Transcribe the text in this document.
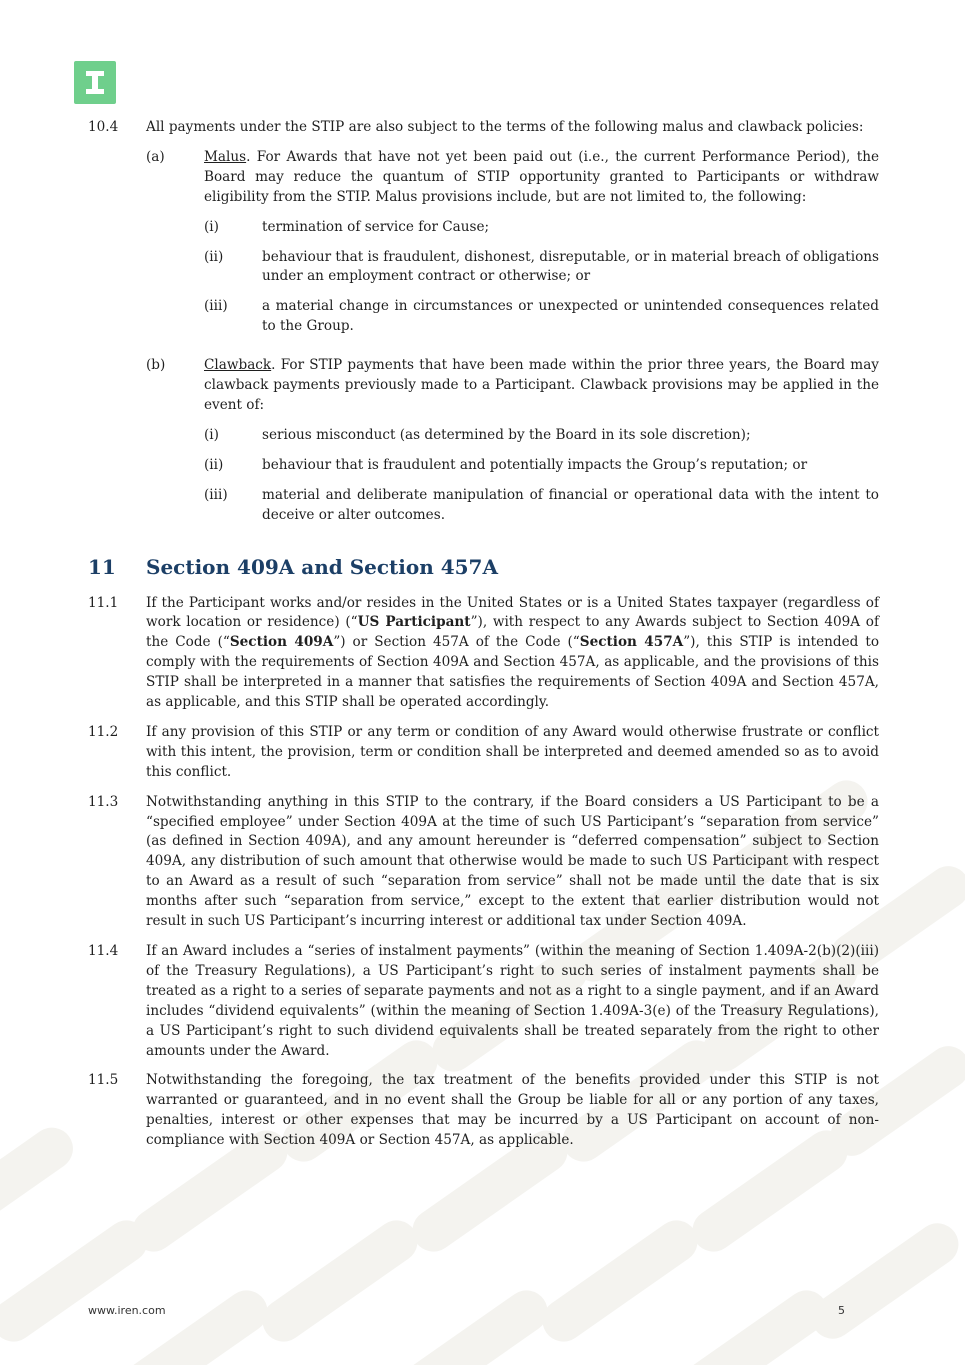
10.4	All payments under the STIP are also subject to the terms of the following malus and clawback policies:
(a)	Malus. For Awards that have not yet been paid out (i.e., the current Performance Period), the Board may reduce the quantum of STIP opportunity granted to Participants or withdraw eligibility from the STIP. Malus provisions include, but are not limited to, the following:
(i)	termination of service for Cause;
(ii)	behaviour that is fraudulent, dishonest, disreputable, or in material breach of obligations under an employment contract or otherwise; or
(iii)	a material change in circumstances or unexpected or unintended consequences related to the Group.
(b)	Clawback. For STIP payments that have been made within the prior three years, the Board may clawback payments previously made to a Participant. Clawback provisions may be applied in the event of:
(i)	serious misconduct (as determined by the Board in its sole discretion);
(ii)	behaviour that is fraudulent and potentially impacts the Group’s reputation; or
(iii)	material and deliberate manipulation of financial or operational data with the intent to deceive or alter outcomes.
11	Section 409A and Section 457A
11.1	If the Participant works and/or resides in the United States or is a United States taxpayer (regardless of work location or residence) (“US Participant”), with respect to any Awards subject to Section 409A of the Code (“Section 409A”) or Section 457A of the Code (“Section 457A”), this STIP is intended to comply with the requirements of Section 409A and Section 457A, as applicable, and the provisions of this STIP shall be interpreted in a manner that satisfies the requirements of Section 409A and Section 457A, as applicable, and this STIP shall be operated accordingly.
11.2	If any provision of this STIP or any term or condition of any Award would otherwise frustrate or conflict with this intent, the provision, term or condition shall be interpreted and deemed amended so as to avoid this conflict.
11.3	Notwithstanding anything in this STIP to the contrary, if the Board considers a US Participant to be a “specified employee” under Section 409A at the time of such US Participant’s “separation from service” (as defined in Section 409A), and any amount hereunder is “deferred compensation” subject to Section 409A, any distribution of such amount that otherwise would be made to such US Participant with respect to an Award as a result of such “separation from service” shall not be made until the date that is six months after such “separation from service,” except to the extent that earlier distribution would not result in such US Participant’s incurring interest or additional tax under Section 409A.
11.4	If an Award includes a “series of instalment payments” (within the meaning of Section 1.409A-2(b)(2)(iii) of the Treasury Regulations), a US Participant’s right to such series of instalment payments shall be treated as a right to a series of separate payments and not as a right to a single payment, and if an Award includes “dividend equivalents” (within the meaning of Section 1.409A-3(e) of the Treasury Regulations), a US Participant’s right to such dividend equivalents shall be treated separately from the right to other amounts under the Award.
11.5	Notwithstanding the foregoing, the tax treatment of the benefits provided under this STIP is not warranted or guaranteed, and in no event shall the Group be liable for all or any portion of any taxes, penalties, interest or other expenses that may be incurred by a US Participant on account of non-compliance with Section 409A or Section 457A, as applicable.
www.iren.com	5
